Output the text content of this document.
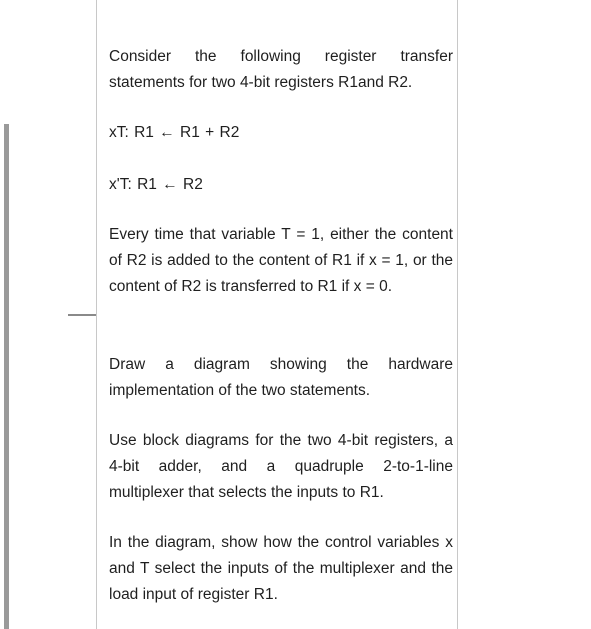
Consider the following register transfer statements for two 4-bit registers R1and R2.

xT: R1 ← R1 + R2

x'T: R1 ← R2

Every time that variable T = 1, either the content of R2 is added to the content of R1 if x = 1, or the content of R2 is transferred to R1 if x = 0.

Draw a diagram showing the hardware implementation of the two statements.

Use block diagrams for the two 4-bit registers, a 4-bit adder, and a quadruple 2-to-1-line multiplexer that selects the inputs to R1.

In the diagram, show how the control variables x and T select the inputs of the multiplexer and the load input of register R1.
